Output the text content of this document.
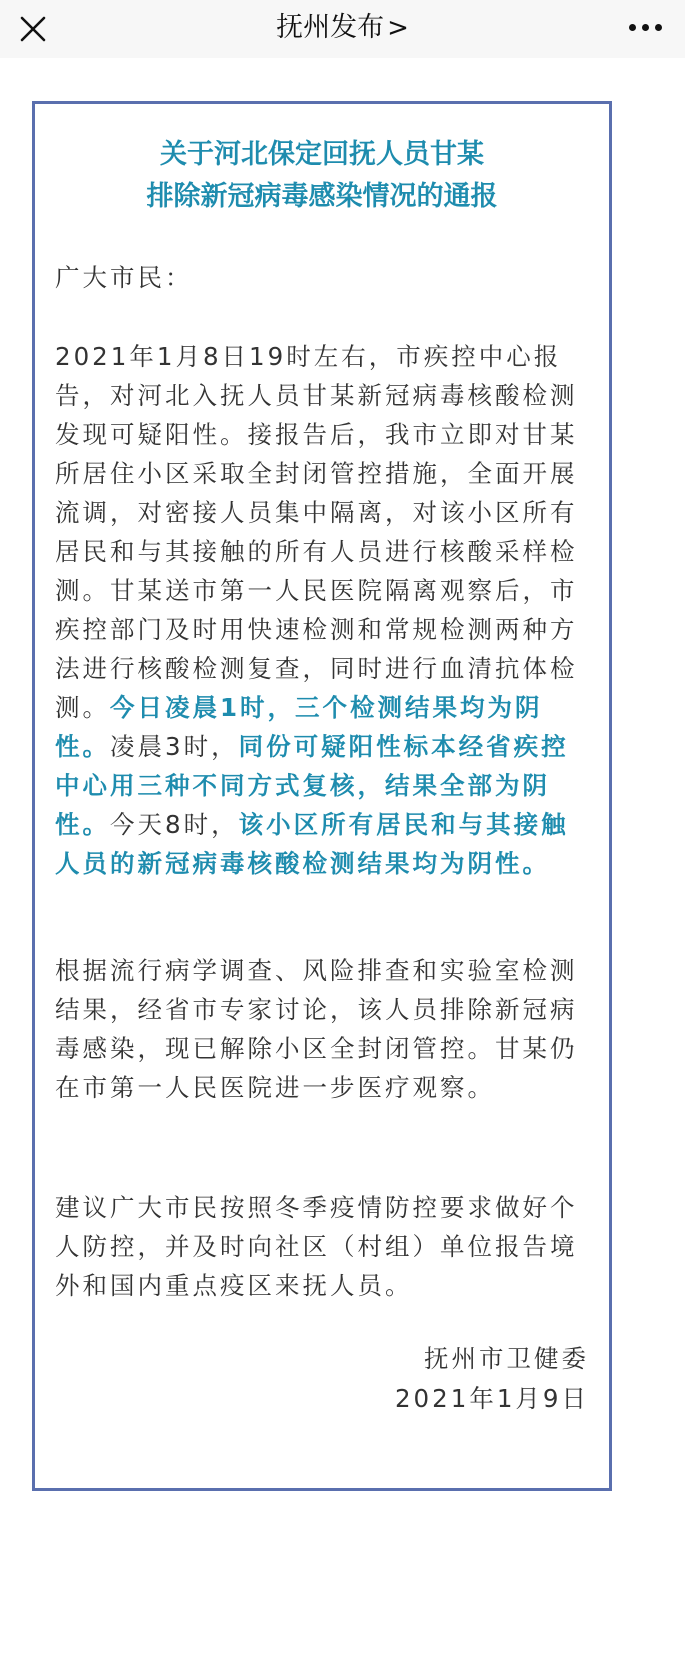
抚州发布 >
关于河北保定回抚人员甘某
排除新冠病毒感染情况的通报
广大市民：
2021年1月8日19时左右，市疾控中心报告，对河北入抚人员甘某新冠病毒核酸检测发现可疑阳性。接报告后，我市立即对甘某所居住小区采取全封闭管控措施，全面开展流调，对密接人员集中隔离，对该小区所有居民和与其接触的所有人员进行核酸采样检测。甘某送市第一人民医院隔离观察后，市疾控部门及时用快速检测和常规检测两种方法进行核酸检测复查，同时进行血清抗体检测。今日凌晨1时，三个检测结果均为阴性。凌晨3时，同份可疑阳性标本经省疾控中心用三种不同方式复核，结果全部为阴性。今天8时，该小区所有居民和与其接触人员的新冠病毒核酸检测结果均为阴性。
根据流行病学调查、风险排查和实验室检测结果，经省市专家讨论，该人员排除新冠病毒感染，现已解除小区全封闭管控。甘某仍在市第一人民医院进一步医疗观察。
建议广大市民按照冬季疫情防控要求做好个人防控，并及时向社区（村组）单位报告境外和国内重点疫区来抚人员。
抚州市卫健委
2021年1月9日
